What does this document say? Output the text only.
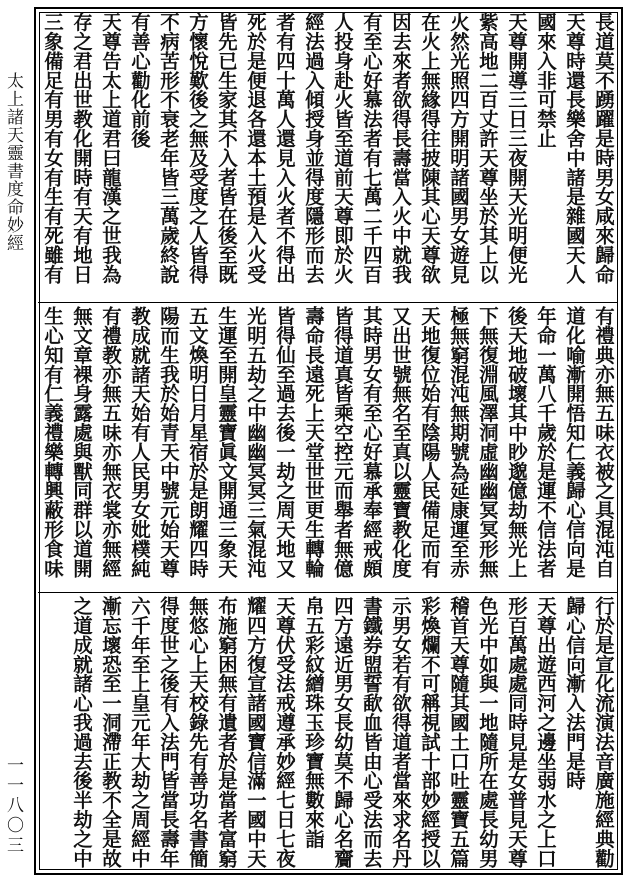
太上諸天靈書度命妙經
一一八〇三
長道莫不踴躍是時男女咸來歸命
天尊時還長樂舍中諸是雜國天人
國來入非可禁止
天尊開導三日三夜開天光明便光
紫高地二百丈許天尊坐於其上以
火然光照四方開明諸國男女遊見
在火上無緣得往披陳其心天尊欲
因去來者欲得長壽當入火中就我
有至心好慕法者有七萬二千四百
人投身赴火皆至道前天尊即於火
經法過入傾授身並得度隱形而去
者有四十萬人還見入火者不得出
死於是便退各還本土預是入火受
皆先已生家其不入者皆在後至既
方懷悅歎後之無及受度之人皆得
不病苦形不衰老年皆三萬歲終說
有善心勸化前後
天尊告太上道君曰龍漢之世我為
存之君出世教化開時有天有地日
三象備足有男有女有生有死雖有
有禮典亦無五味衣被之具混沌自
道化喻漸開悟知仁義歸心信向是
年命一萬八千歲於是運不信法者
後天地破壞其中眇邈億劫無光上
下無復淵風澤洞虛幽幽冥冥形無
極無窮混沌無期號為延康運至赤
天地復位始有陰陽人民備足而有
又出世號無名至真以靈寶教化度
其時男女有至心好慕承奉經戒頗
皆得道真皆乘空控元而舉者無億
壽命長遠死上天堂世世更生轉輪
皆得仙至過去後一劫之周天地又
光明五劫之中幽幽冥冥三氣混沌
生運至開皇靈寶眞文開通三象天
五文煥明日月星宿於是朗耀四時
陽而生我於始青天中號元始天尊
教成就諸天始有人民男女妣樸純
有禮教亦無五味亦無衣裳亦無經
無文章裸身露處與獸同群以道開
生心知有仁義禮樂轉興蔽形食味
行於是宣化流演法音廣施經典勸
歸心信向漸入法門是時
天尊出遊西河之邊坐弱水之上口
形百萬處處同時見是女普見天尊
色光中如與一地隨所在處長幼男
稽首天尊隨其國土口吐靈寶五篇
彩煥爛不可稱視試十部妙經授以
示男女若有欲得道者當來求名丹
書鐵券盟誓歃血皆由心受法而去
四方遠近男女長幼莫不歸心名齎
帛五彩紋繒珠玉珍寶無數來詣
天尊伏受法戒遵承妙經七日七夜
耀四方復宣諸國寶信滿一國中天
布施窮困無有遺者於是當者富窮
無悠心上天校錄先有善功名書簡
得度世之後有入法門皆當長壽年
六千年至上皇元年大劫之周經中
漸忘壞恐至一洞滯正教不全是故
之道成就諸心我過去後半劫之中
